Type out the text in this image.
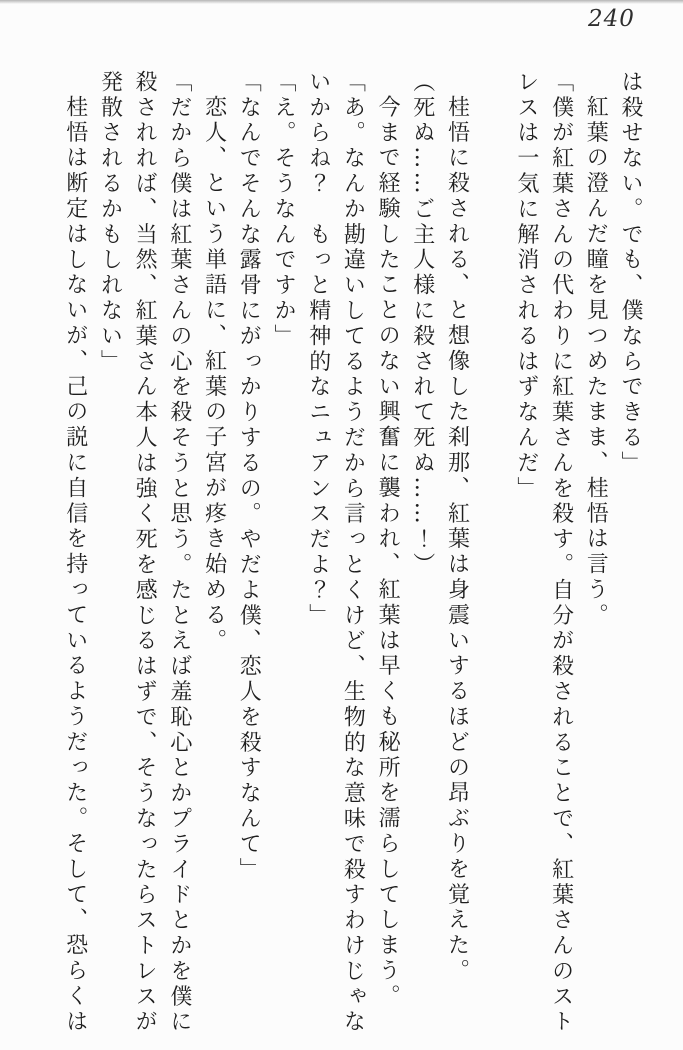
240
は殺せない。でも、僕ならできる」
紅葉の澄んだ瞳を見つめたまま、桂悟は言う。
「僕が紅葉さんの代わりに紅葉さんを殺す。自分が殺されることで、紅葉さんのスト
レスは一気に解消されるはずなんだ」
桂悟に殺される、と想像した刹那、紅葉は身震いするほどの昂ぶりを覚えた。
（死ぬ……ご主人様に殺されて死ぬ……！）
今まで経験したことのない興奮に襲われ、紅葉は早くも秘所を濡らしてしまう。
「あ。なんか勘違いしてるようだから言っとくけど、生物的な意味で殺すわけじゃな
いからね？　もっと精神的なニュアンスだよ？」
「え。そうなんですか」
「なんでそんな露骨にがっかりするの。やだよ僕、恋人を殺すなんて」
恋人、という単語に、紅葉の子宮が疼き始める。
「だから僕は紅葉さんの心を殺そうと思う。たとえば羞恥心とかプライドとかを僕に
殺されれば、当然、紅葉さん本人は強く死を感じるはずで、そうなったらストレスが
発散されるかもしれない」
桂悟は断定はしないが、己の説に自信を持っているようだった。そして、恐らくは
